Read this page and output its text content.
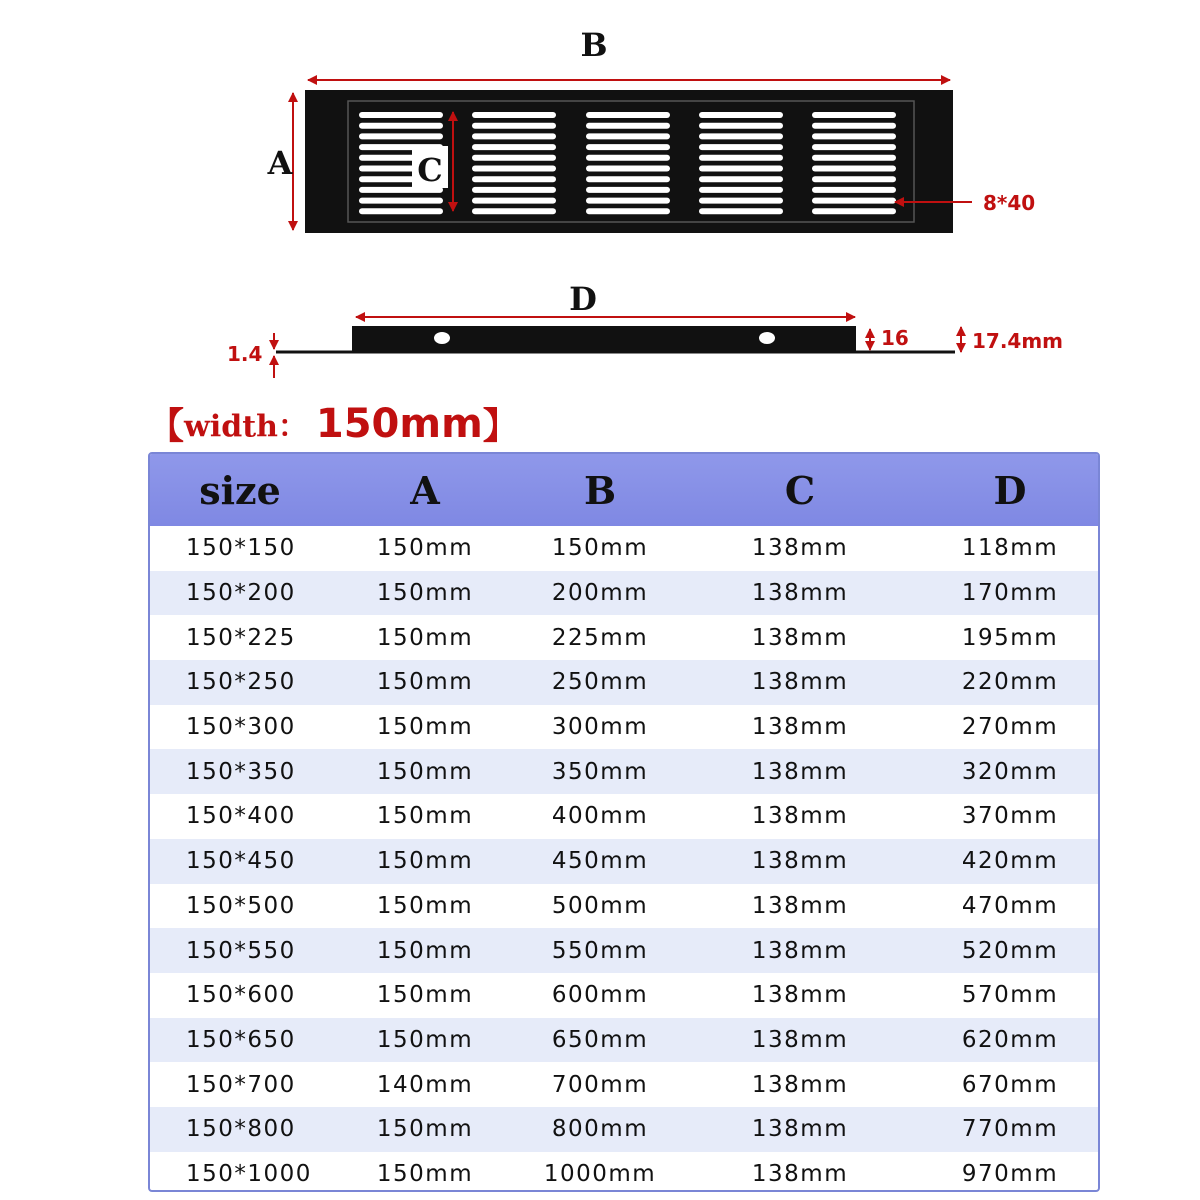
B
A	C
8*40
D
1.4
16	17.4mm
【width： 150mm】
size	A	B	C	D
150*150	150mm	150mm	138mm	118mm
150*200	150mm	200mm	138mm	170mm
150*225	150mm	225mm	138mm	195mm
150*250	150mm	250mm	138mm	220mm
150*300	150mm	300mm	138mm	270mm
150*350	150mm	350mm	138mm	320mm
150*400	150mm	400mm	138mm	370mm
150*450	150mm	450mm	138mm	420mm
150*500	150mm	500mm	138mm	470mm
150*550	150mm	550mm	138mm	520mm
150*600	150mm	600mm	138mm	570mm
150*650	150mm	650mm	138mm	620mm
150*700	140mm	700mm	138mm	670mm
150*800	150mm	800mm	138mm	770mm
150*1000	150mm	1000mm	138mm	970mm
